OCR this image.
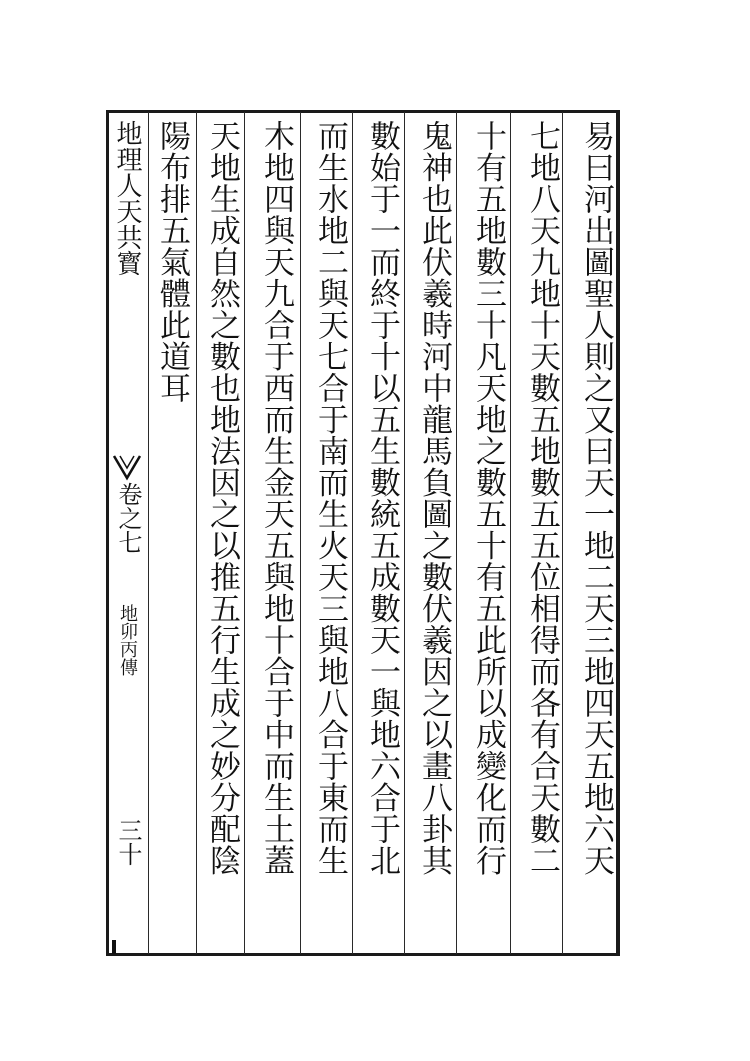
地理人天共寳
卷之七
地卯丙傳
三十	易曰河出圖聖人則之又曰天一地二天三地四天五地六天
七地八天九地十天數五地數五五位相得而各有合天數二
十有五地數三十凡天地之數五十有五此所以成變化而行
鬼神也此伏羲時河中龍馬負圖之數伏羲因之以畫八卦其
數始于一而終于十以五生數統五成數天一與地六合于北
而生水地二與天七合于南而生火天三與地八合于東而生
木地四與天九合于西而生金天五與地十合于中而生土蓋
天地生成自然之數也地法因之以推五行生成之妙分配陰
陽布排五氣體此道耳
